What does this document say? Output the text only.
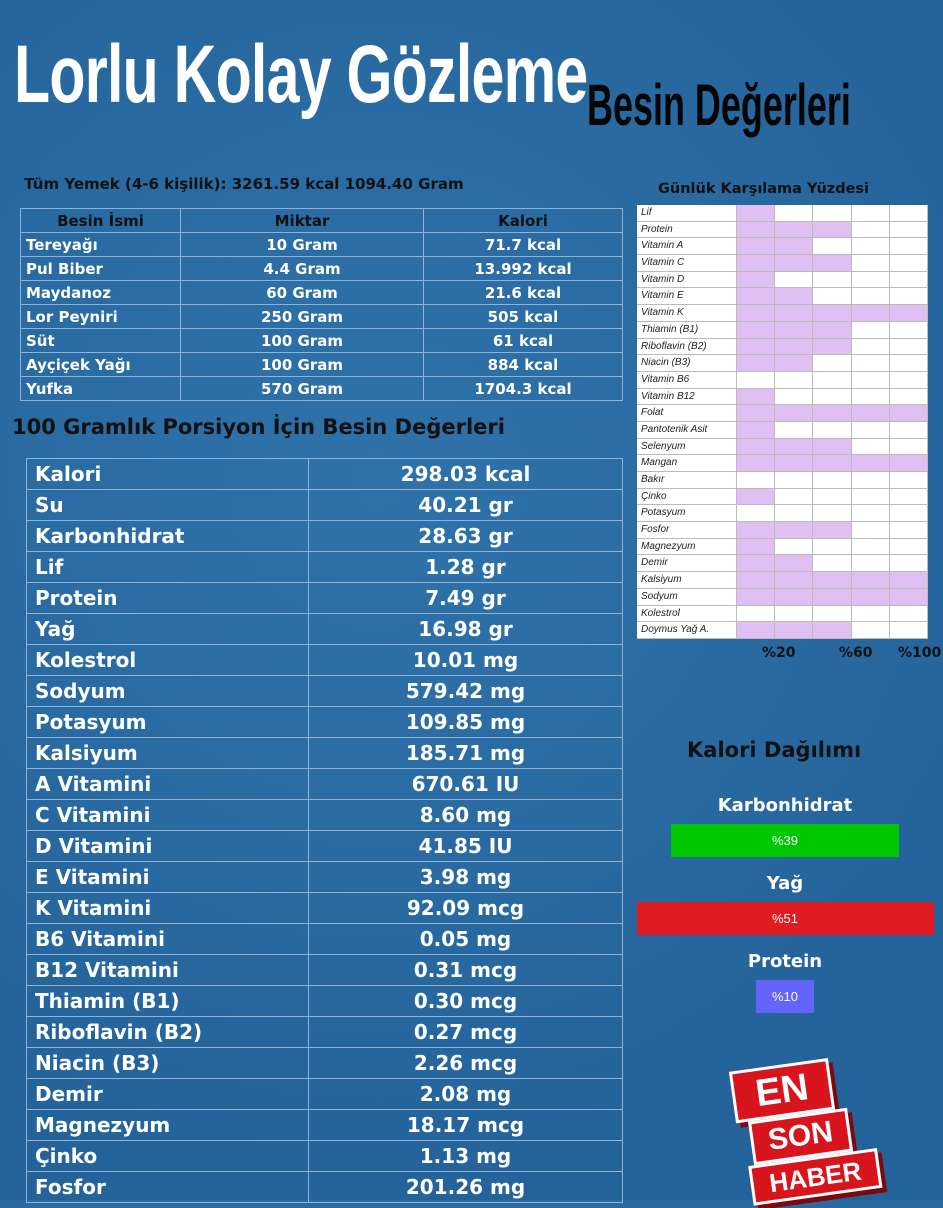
Lorlu Kolay Gözleme Besin Değerleri
Tüm Yemek (4-6 kişilik): 3261.59 kcal 1094.40 Gram
Besin İsmi	Miktar	Kalori
Tereyağı	10 Gram	71.7 kcal
Pul Biber	4.4 Gram	13.992 kcal
Maydanoz	60 Gram	21.6 kcal
Lor Peyniri	250 Gram	505 kcal
Süt	100 Gram	61 kcal
Ayçiçek Yağı	100 Gram	884 kcal
Yufka	570 Gram	1704.3 kcal
100 Gramlık Porsiyon İçin Besin Değerleri
Kalori	298.03 kcal
Su	40.21 gr
Karbonhidrat	28.63 gr
Lif	1.28 gr
Protein	7.49 gr
Yağ	16.98 gr
Kolestrol	10.01 mg
Sodyum	579.42 mg
Potasyum	109.85 mg
Kalsiyum	185.71 mg
A Vitamini	670.61 IU
C Vitamini	8.60 mg
D Vitamini	41.85 IU
E Vitamini	3.98 mg
K Vitamini	92.09 mcg
B6 Vitamini	0.05 mg
B12 Vitamini	0.31 mcg
Thiamin (B1)	0.30 mcg
Riboflavin (B2)	0.27 mcg
Niacin (B3)	2.26 mcg
Demir	2.08 mg
Magnezyum	18.17 mcg
Çinko	1.13 mg
Fosfor	201.26 mg
Günlük Karşılama Yüzdesi
Lif
Protein
Vitamin A
Vitamin C
Vitamin D
Vitamin E
Vitamin K
Thiamin (B1)
Riboflavin (B2)
Niacin (B3)
Vitamin B6
Vitamin B12
Folat
Pantotenik Asit
Selenyum
Mangan
Bakır
Çinko
Potasyum
Fosfor
Magnezyum
Demir
Kalsiyum
Sodyum
Kolestrol
Doymus Yağ A.
%20	%60 %100
Kalori Dağılımı
Karbonhidrat
%39
Yağ
%51
Protein
%10
EN
SON
HABER
